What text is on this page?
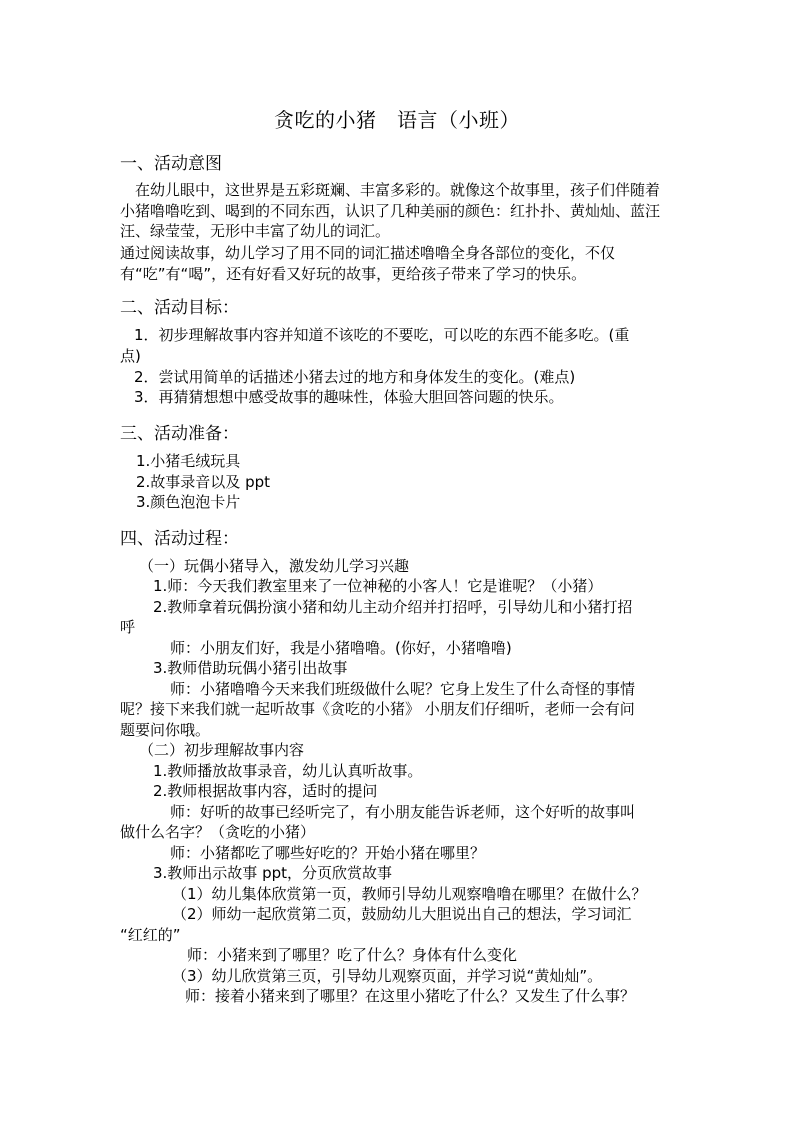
贪吃的小猪　语言（小班）
一、活动意图
　在幼儿眼中，这世界是五彩斑斓、丰富多彩的。就像这个故事里，孩子们伴随着小猪噜噜吃到、喝到的不同东西，认识了几种美丽的颜色：红扑扑、黄灿灿、蓝汪汪、绿莹莹，无形中丰富了幼儿的词汇。
通过阅读故事，幼儿学习了用不同的词汇描述噜噜全身各部位的变化，不仅有“吃”有“喝”，还有好看又好玩的故事，更给孩子带来了学习的快乐。
二、活动目标：
1．初步理解故事内容并知道不该吃的不要吃，可以吃的东西不能多吃。(重
点)
2．尝试用简单的话描述小猪去过的地方和身体发生的变化。(难点)
3．再猜猜想想中感受故事的趣味性，体验大胆回答问题的快乐。
三、活动准备：
1.小猪毛绒玩具
2.故事录音以及 ppt
3.颜色泡泡卡片
四、活动过程：
（一）玩偶小猪导入，激发幼儿学习兴趣
1.师：今天我们教室里来了一位神秘的小客人！它是谁呢？（小猪）
2.教师拿着玩偶扮演小猪和幼儿主动介绍并打招呼，引导幼儿和小猪打招
呼
师：小朋友们好，我是小猪噜噜。(你好，小猪噜噜)
3.教师借助玩偶小猪引出故事
师：小猪噜噜今天来我们班级做什么呢？它身上发生了什么奇怪的事情
呢？接下来我们就一起听故事《贪吃的小猪》 小朋友们仔细听，老师一会有问
题要问你哦。
（二）初步理解故事内容
1.教师播放故事录音，幼儿认真听故事。
2.教师根据故事内容，适时的提问
师：好听的故事已经听完了，有小朋友能告诉老师，这个好听的故事叫
做什么名字？（贪吃的小猪）
师：小猪都吃了哪些好吃的？开始小猪在哪里？
3.教师出示故事 ppt，分页欣赏故事
（1）幼儿集体欣赏第一页，教师引导幼儿观察噜噜在哪里？在做什么？
（2）师幼一起欣赏第二页，鼓励幼儿大胆说出自己的想法，学习词汇
“红红的”
师：小猪来到了哪里？吃了什么？身体有什么变化
（3）幼儿欣赏第三页，引导幼儿观察页面，并学习说“黄灿灿”。
师：接着小猪来到了哪里？在这里小猪吃了什么？又发生了什么事？
